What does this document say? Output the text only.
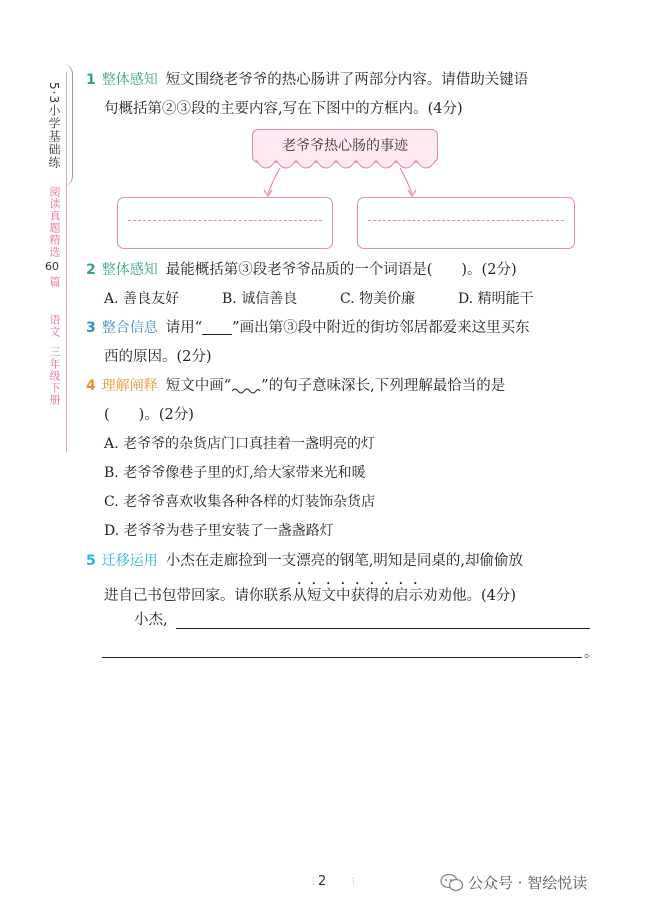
5·3小学基础练
阅读真题精选
60
篇
语文
三年级下册
1 整体感知 短文围绕老爷爷的热心肠讲了两部分内容。请借助关键语
句概括第②③段的主要内容,写在下图中的方框内。(4分)
老爷爷热心肠的事迹
2 整体感知 最能概括第③段老爷爷品质的一个词语是(　　)。(2分)
A. 善良友好	B. 诚信善良	C. 物美价廉	D. 精明能干
3 整合信息 请用“ ”画出第③段中附近的街坊邻居都爱来这里买东
西的原因。(2分)
4 理解阐释 短文中画“ ”的句子意味深长,下列理解最恰当的是
(　　)。(2分)
A. 老爷爷的杂货店门口真挂着一盏明亮的灯
B. 老爷爷像巷子里的灯,给大家带来光和暖
C. 老爷爷喜欢收集各种各样的灯装饰杂货店
D. 老爷爷为巷子里安装了一盏盏路灯
5 迁移运用 小杰在走廊捡到一支漂亮的钢笔,明知是同桌的,却偷偷放
进自己书包带回家。请你联系从短文中获得的启示劝劝他。(4分)
小杰,
。
⫶ 2	⫶	公众号 · 智绘悦读
